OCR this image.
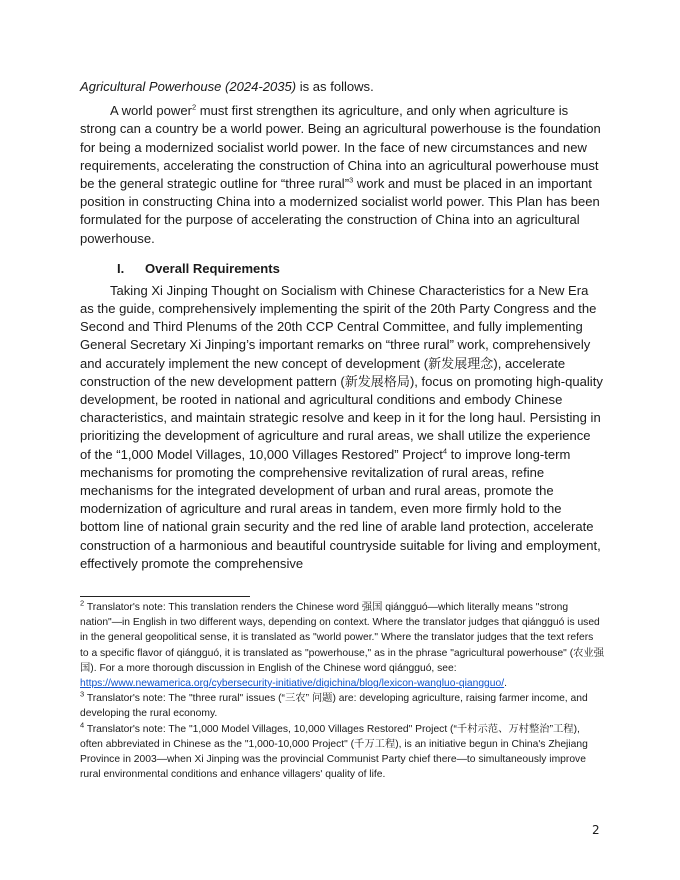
Agricultural Powerhouse (2024-2035) is as follows.

A world power$^2$ must first strengthen its agriculture, and only when agriculture is strong can a country be a world power. Being an agricultural powerhouse is the foundation for being a modernized socialist world power. In the face of new circumstances and new requirements, accelerating the construction of China into an agricultural powerhouse must be the general strategic outline for “three rural”$^3$ work and must be placed in an important position in constructing China into a modernized socialist world power. This Plan has been formulated for the purpose of accelerating the construction of China into an agricultural powerhouse.

I. Overall Requirements

Taking Xi Jinping Thought on Socialism with Chinese Characteristics for a New Era as the guide, comprehensively implementing the spirit of the 20th Party Congress and the Second and Third Plenums of the 20th CCP Central Committee, and fully implementing General Secretary Xi Jinping’s important remarks on “three rural” work, comprehensively and accurately implement the new concept of development (新发展理念), accelerate construction of the new development pattern (新发展格局), focus on promoting high-quality development, be rooted in national and agricultural conditions and embody Chinese characteristics, and maintain strategic resolve and keep in it for the long haul. Persisting in prioritizing the development of agriculture and rural areas, we shall utilize the experience of the “1,000 Model Villages, 10,000 Villages Restored” Project$^4$ to improve long-term mechanisms for promoting the comprehensive revitalization of rural areas, refine mechanisms for the integrated development of urban and rural areas, promote the modernization of agriculture and rural areas in tandem, even more firmly hold to the bottom line of national grain security and the red line of arable land protection, accelerate construction of a harmonious and beautiful countryside suitable for living and employment, effectively promote the comprehensive

$^2$ Translator's note: This translation renders the Chinese word 强国 qiángguó—which literally means "strong nation"—in English in two different ways, depending on context. Where the translator judges that qiángguó is used in the general geopolitical sense, it is translated as "world power." Where the translator judges that the text refers to a specific flavor of qiángguó, it is translated as "powerhouse," as in the phrase "agricultural powerhouse" (农业强国). For a more thorough discussion in English of the Chinese word qiángguó, see:
https://www.newamerica.org/cybersecurity-initiative/digichina/blog/lexicon-wangluo-qiangguo/.

$^3$ Translator's note: The "three rural" issues (“三农” 问题) are: developing agriculture, raising farmer income, and developing the rural economy.

$^4$ Translator's note: The "1,000 Model Villages, 10,000 Villages Restored" Project (“千村示范、万村整治”工程), often abbreviated in Chinese as the "1,000-10,000 Project" (千万工程), is an initiative begun in China's Zhejiang Province in 2003—when Xi Jinping was the provincial Communist Party chief there—to simultaneously improve rural environmental conditions and enhance villagers' quality of life.

2
